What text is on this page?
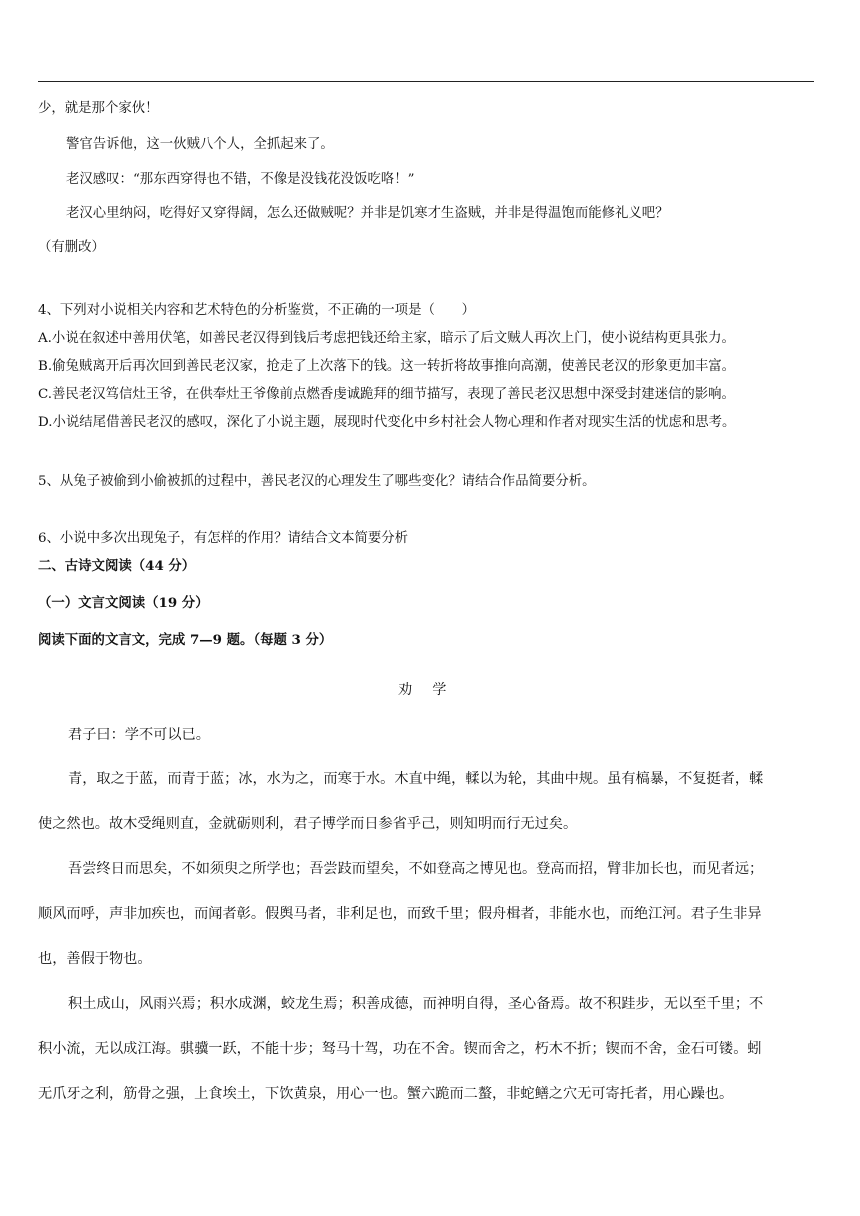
少，就是那个家伙！
警官告诉他，这一伙贼八个人，全抓起来了。
老汉感叹：“那东西穿得也不错，不像是没钱花没饭吃咯！”
老汉心里纳闷，吃得好又穿得阔，怎么还做贼呢？并非是饥寒才生盗贼，并非是得温饱而能修礼义吧？
（有删改）
4、下列对小说相关内容和艺术特色的分析鉴赏，不正确的一项是（　　）
A.小说在叙述中善用伏笔，如善民老汉得到钱后考虑把钱还给主家，暗示了后文贼人再次上门，使小说结构更具张力。
B.偷兔贼离开后再次回到善民老汉家，抢走了上次落下的钱。这一转折将故事推向高潮，使善民老汉的形象更加丰富。
C.善民老汉笃信灶王爷，在供奉灶王爷像前点燃香虔诚跪拜的细节描写，表现了善民老汉思想中深受封建迷信的影响。
D.小说结尾借善民老汉的感叹，深化了小说主题，展现时代变化中乡村社会人物心理和作者对现实生活的忧虑和思考。
5、从兔子被偷到小偷被抓的过程中，善民老汉的心理发生了哪些变化？请结合作品简要分析。
6、小说中多次出现兔子，有怎样的作用？请结合文本简要分析
二、古诗文阅读（44 分）
（一）文言文阅读（19 分）
阅读下面的文言文，完成 7—9 题。（每题 3 分）
劝学
君子曰：学不可以已。
青，取之于蓝，而青于蓝；冰，水为之，而寒于水。木直中绳，輮以为轮，其曲中规。虽有槁暴，不复挺者，輮
使之然也。故木受绳则直，金就砺则利，君子博学而日参省乎己，则知明而行无过矣。
吾尝终日而思矣，不如须臾之所学也；吾尝跂而望矣，不如登高之博见也。登高而招，臂非加长也，而见者远；
顺风而呼，声非加疾也，而闻者彰。假舆马者，非利足也，而致千里；假舟楫者，非能水也，而绝江河。君子生非异
也，善假于物也。
积土成山，风雨兴焉；积水成渊，蛟龙生焉；积善成德，而神明自得，圣心备焉。故不积跬步，无以至千里；不
积小流，无以成江海。骐骥一跃，不能十步；驽马十驾，功在不舍。锲而舍之，朽木不折；锲而不舍，金石可镂。蚓
无爪牙之利，筋骨之强，上食埃土，下饮黄泉，用心一也。蟹六跪而二螯，非蛇鳝之穴无可寄托者，用心躁也。
